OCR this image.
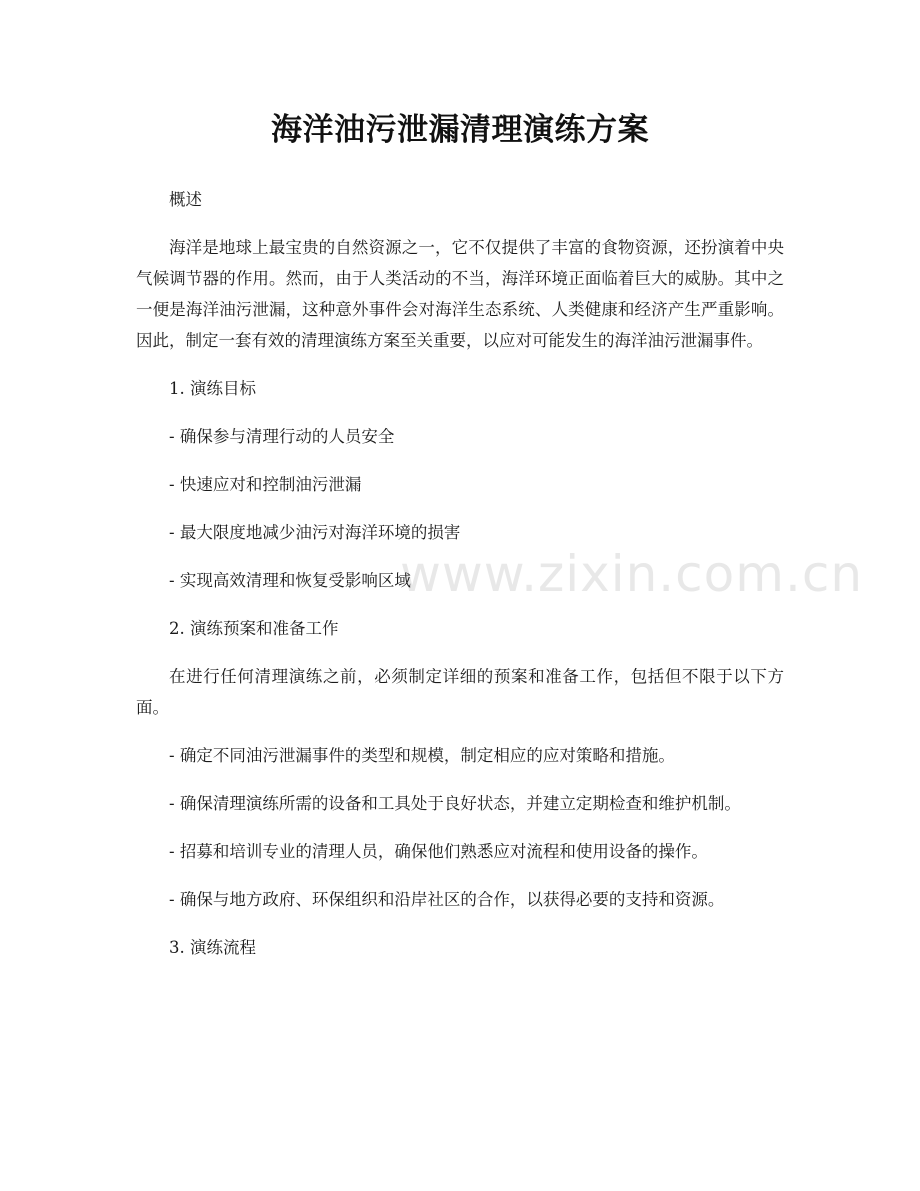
www.zixin.com.cn
海洋油污泄漏清理演练方案

概述

海洋是地球上最宝贵的自然资源之一，它不仅提供了丰富的食物资源，还扮演着中央气候调节器的作用。然而，由于人类活动的不当，海洋环境正面临着巨大的威胁。其中之一便是海洋油污泄漏，这种意外事件会对海洋生态系统、人类健康和经济产生严重影响。因此，制定一套有效的清理演练方案至关重要，以应对可能发生的海洋油污泄漏事件。

1. 演练目标

- 确保参与清理行动的人员安全

- 快速应对和控制油污泄漏

- 最大限度地减少油污对海洋环境的损害

- 实现高效清理和恢复受影响区域

2. 演练预案和准备工作

在进行任何清理演练之前，必须制定详细的预案和准备工作，包括但不限于以下方面。

- 确定不同油污泄漏事件的类型和规模，制定相应的应对策略和措施。

- 确保清理演练所需的设备和工具处于良好状态，并建立定期检查和维护机制。

- 招募和培训专业的清理人员，确保他们熟悉应对流程和使用设备的操作。

- 确保与地方政府、环保组织和沿岸社区的合作，以获得必要的支持和资源。

3. 演练流程
